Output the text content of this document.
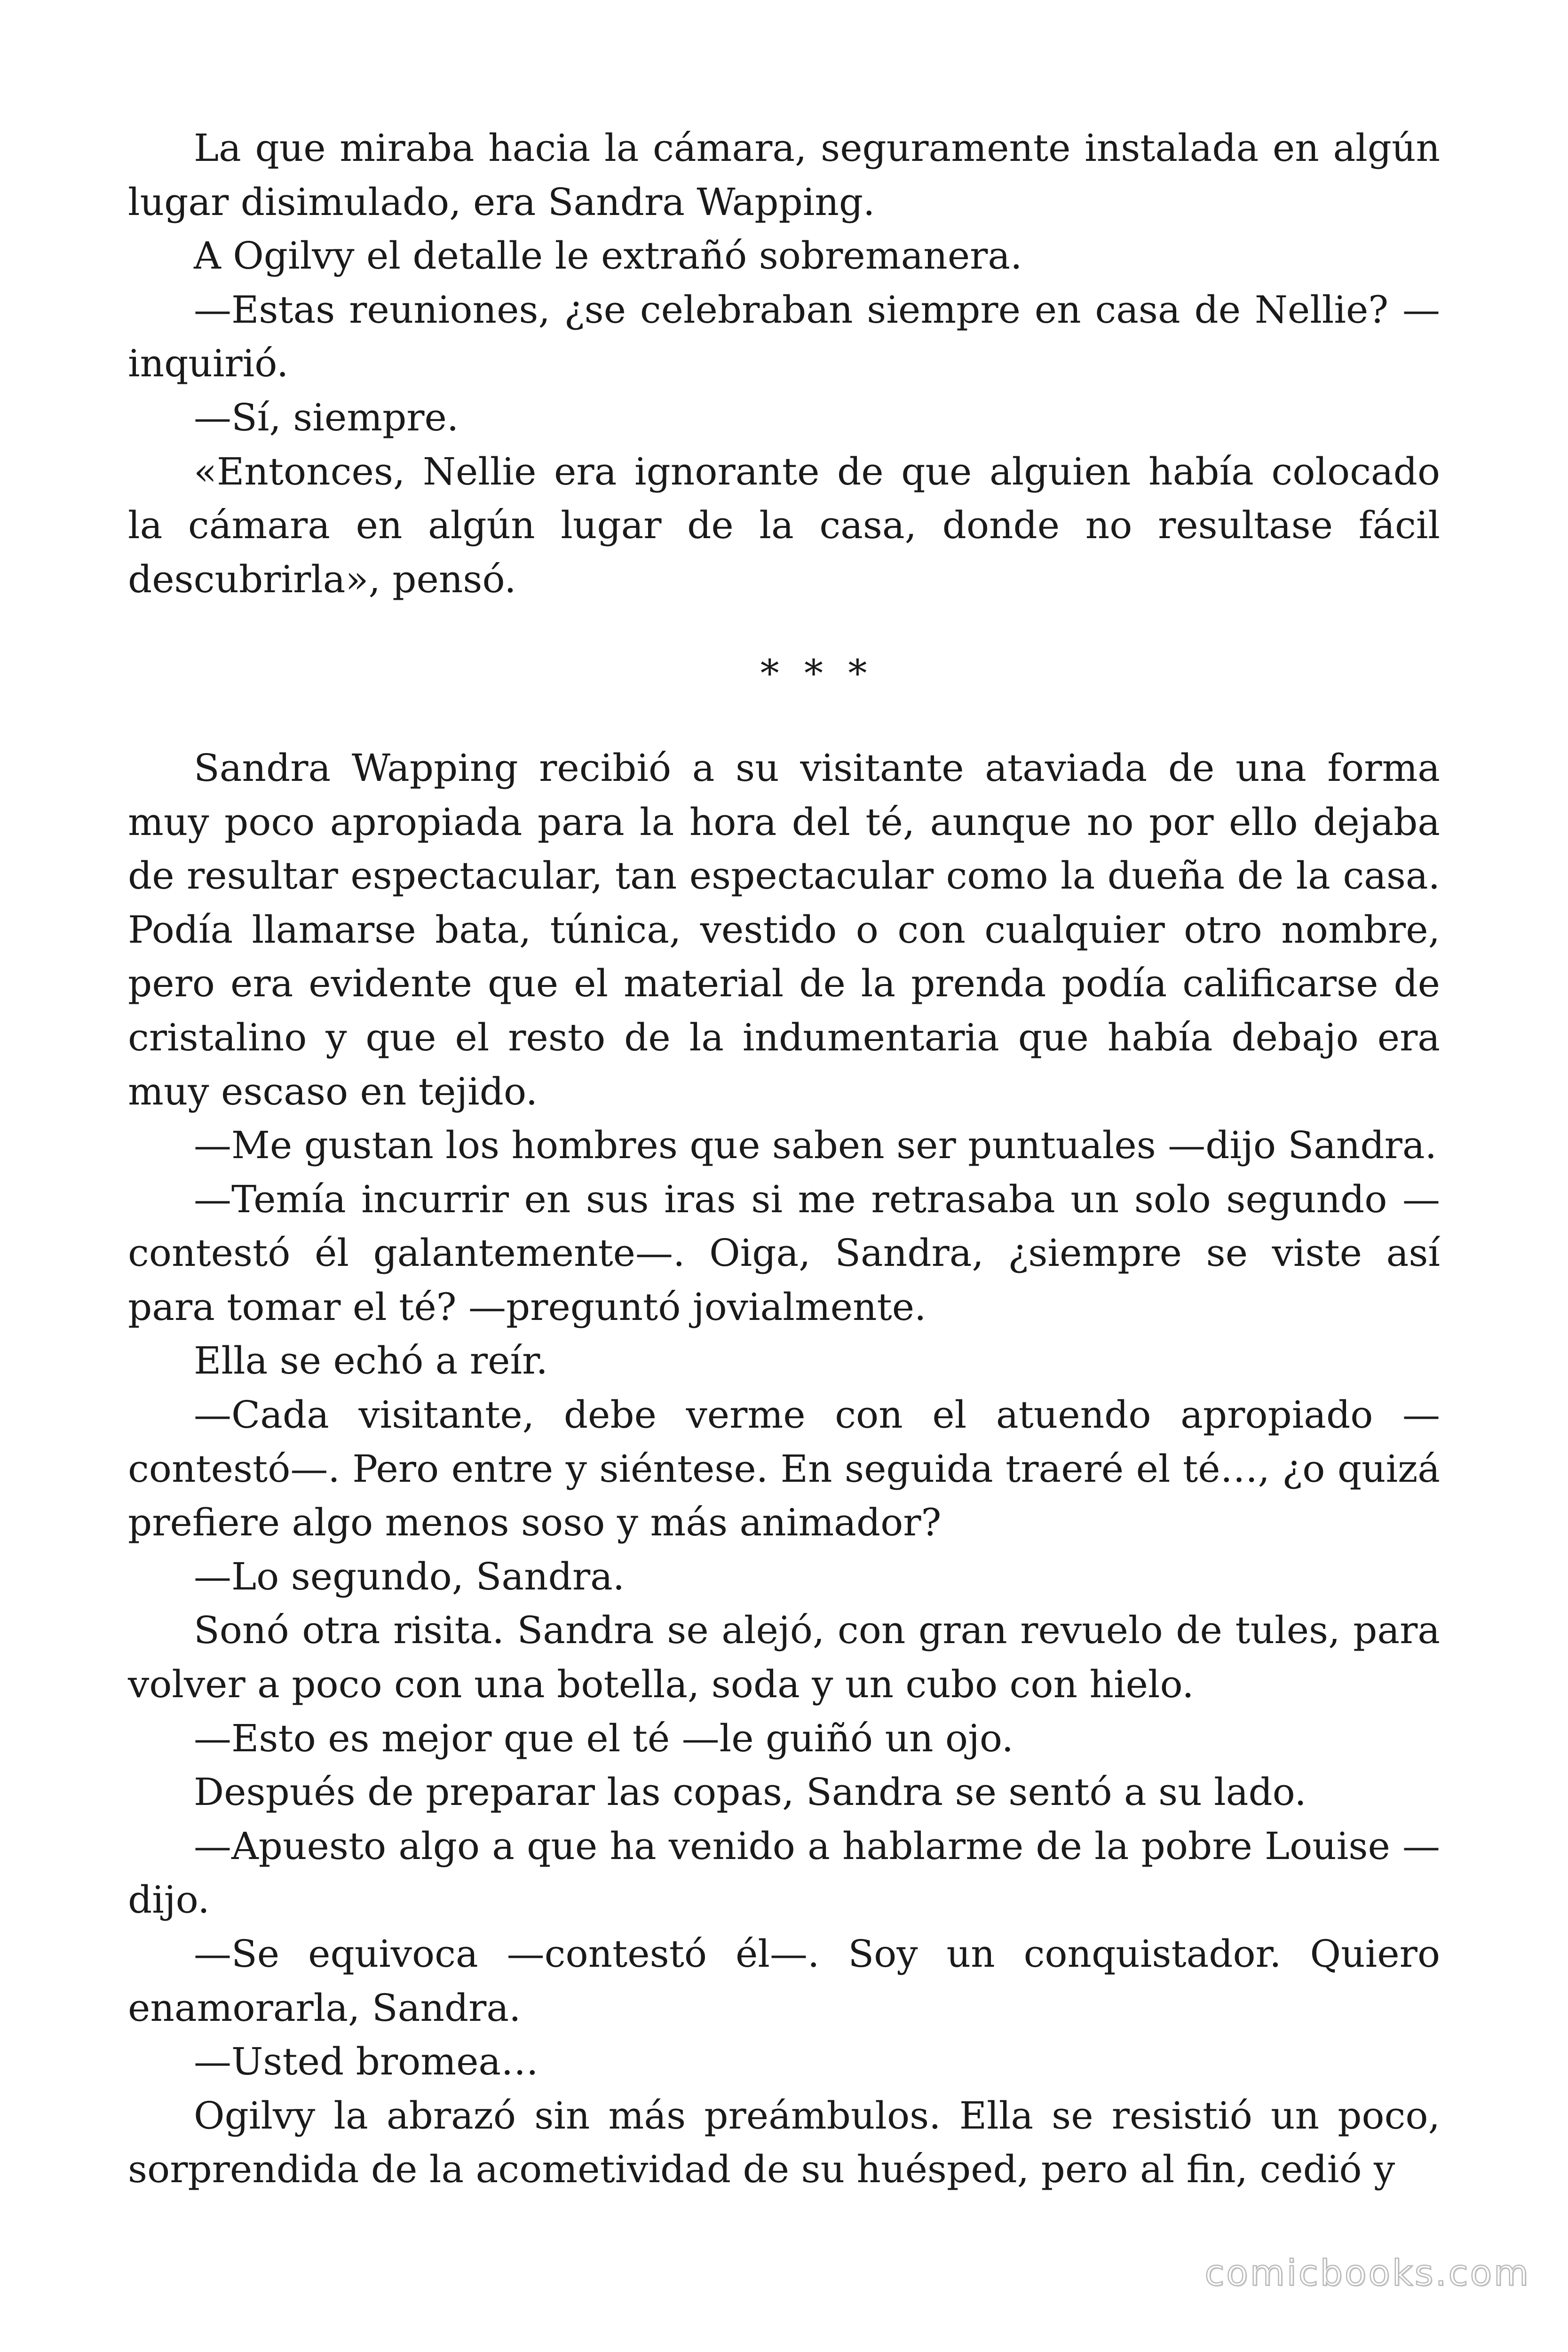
La que miraba hacia la cámara, seguramente instalada en algún lugar disimulado, era Sandra Wapping.

A Ogilvy el detalle le extrañó sobremanera.

—Estas reuniones, ¿se celebraban siempre en casa de Nellie? —inquirió.

—Sí, siempre.

«Entonces, Nellie era ignorante de que alguien había colocado la cámara en algún lugar de la casa, donde no resultase fácil descubrirla», pensó.

* * *

Sandra Wapping recibió a su visitante ataviada de una forma muy poco apropiada para la hora del té, aunque no por ello dejaba de resultar espectacular, tan espectacular como la dueña de la casa. Podía llamarse bata, túnica, vestido o con cualquier otro nombre, pero era evidente que el material de la prenda podía calificarse de cristalino y que el resto de la indumentaria que había debajo era muy escaso en tejido.

—Me gustan los hombres que saben ser puntuales —dijo Sandra.

—Temía incurrir en sus iras si me retrasaba un solo segundo —contestó él galantemente—. Oiga, Sandra, ¿siempre se viste así para tomar el té? —preguntó jovialmente.

Ella se echó a reír.

—Cada visitante, debe verme con el atuendo apropiado —contestó—. Pero entre y siéntese. En seguida traeré el té…, ¿o quizá prefiere algo menos soso y más animador?

—Lo segundo, Sandra.

Sonó otra risita. Sandra se alejó, con gran revuelo de tules, para volver a poco con una botella, soda y un cubo con hielo.

—Esto es mejor que el té —le guiñó un ojo.

Después de preparar las copas, Sandra se sentó a su lado.

—Apuesto algo a que ha venido a hablarme de la pobre Louise —dijo.

—Se equivoca —contestó él—. Soy un conquistador. Quiero enamorarla, Sandra.

—Usted bromea…

Ogilvy la abrazó sin más preámbulos. Ella se resistió un poco, sorprendida de la acometividad de su huésped, pero al fin, cedió y

comicbooks.com
